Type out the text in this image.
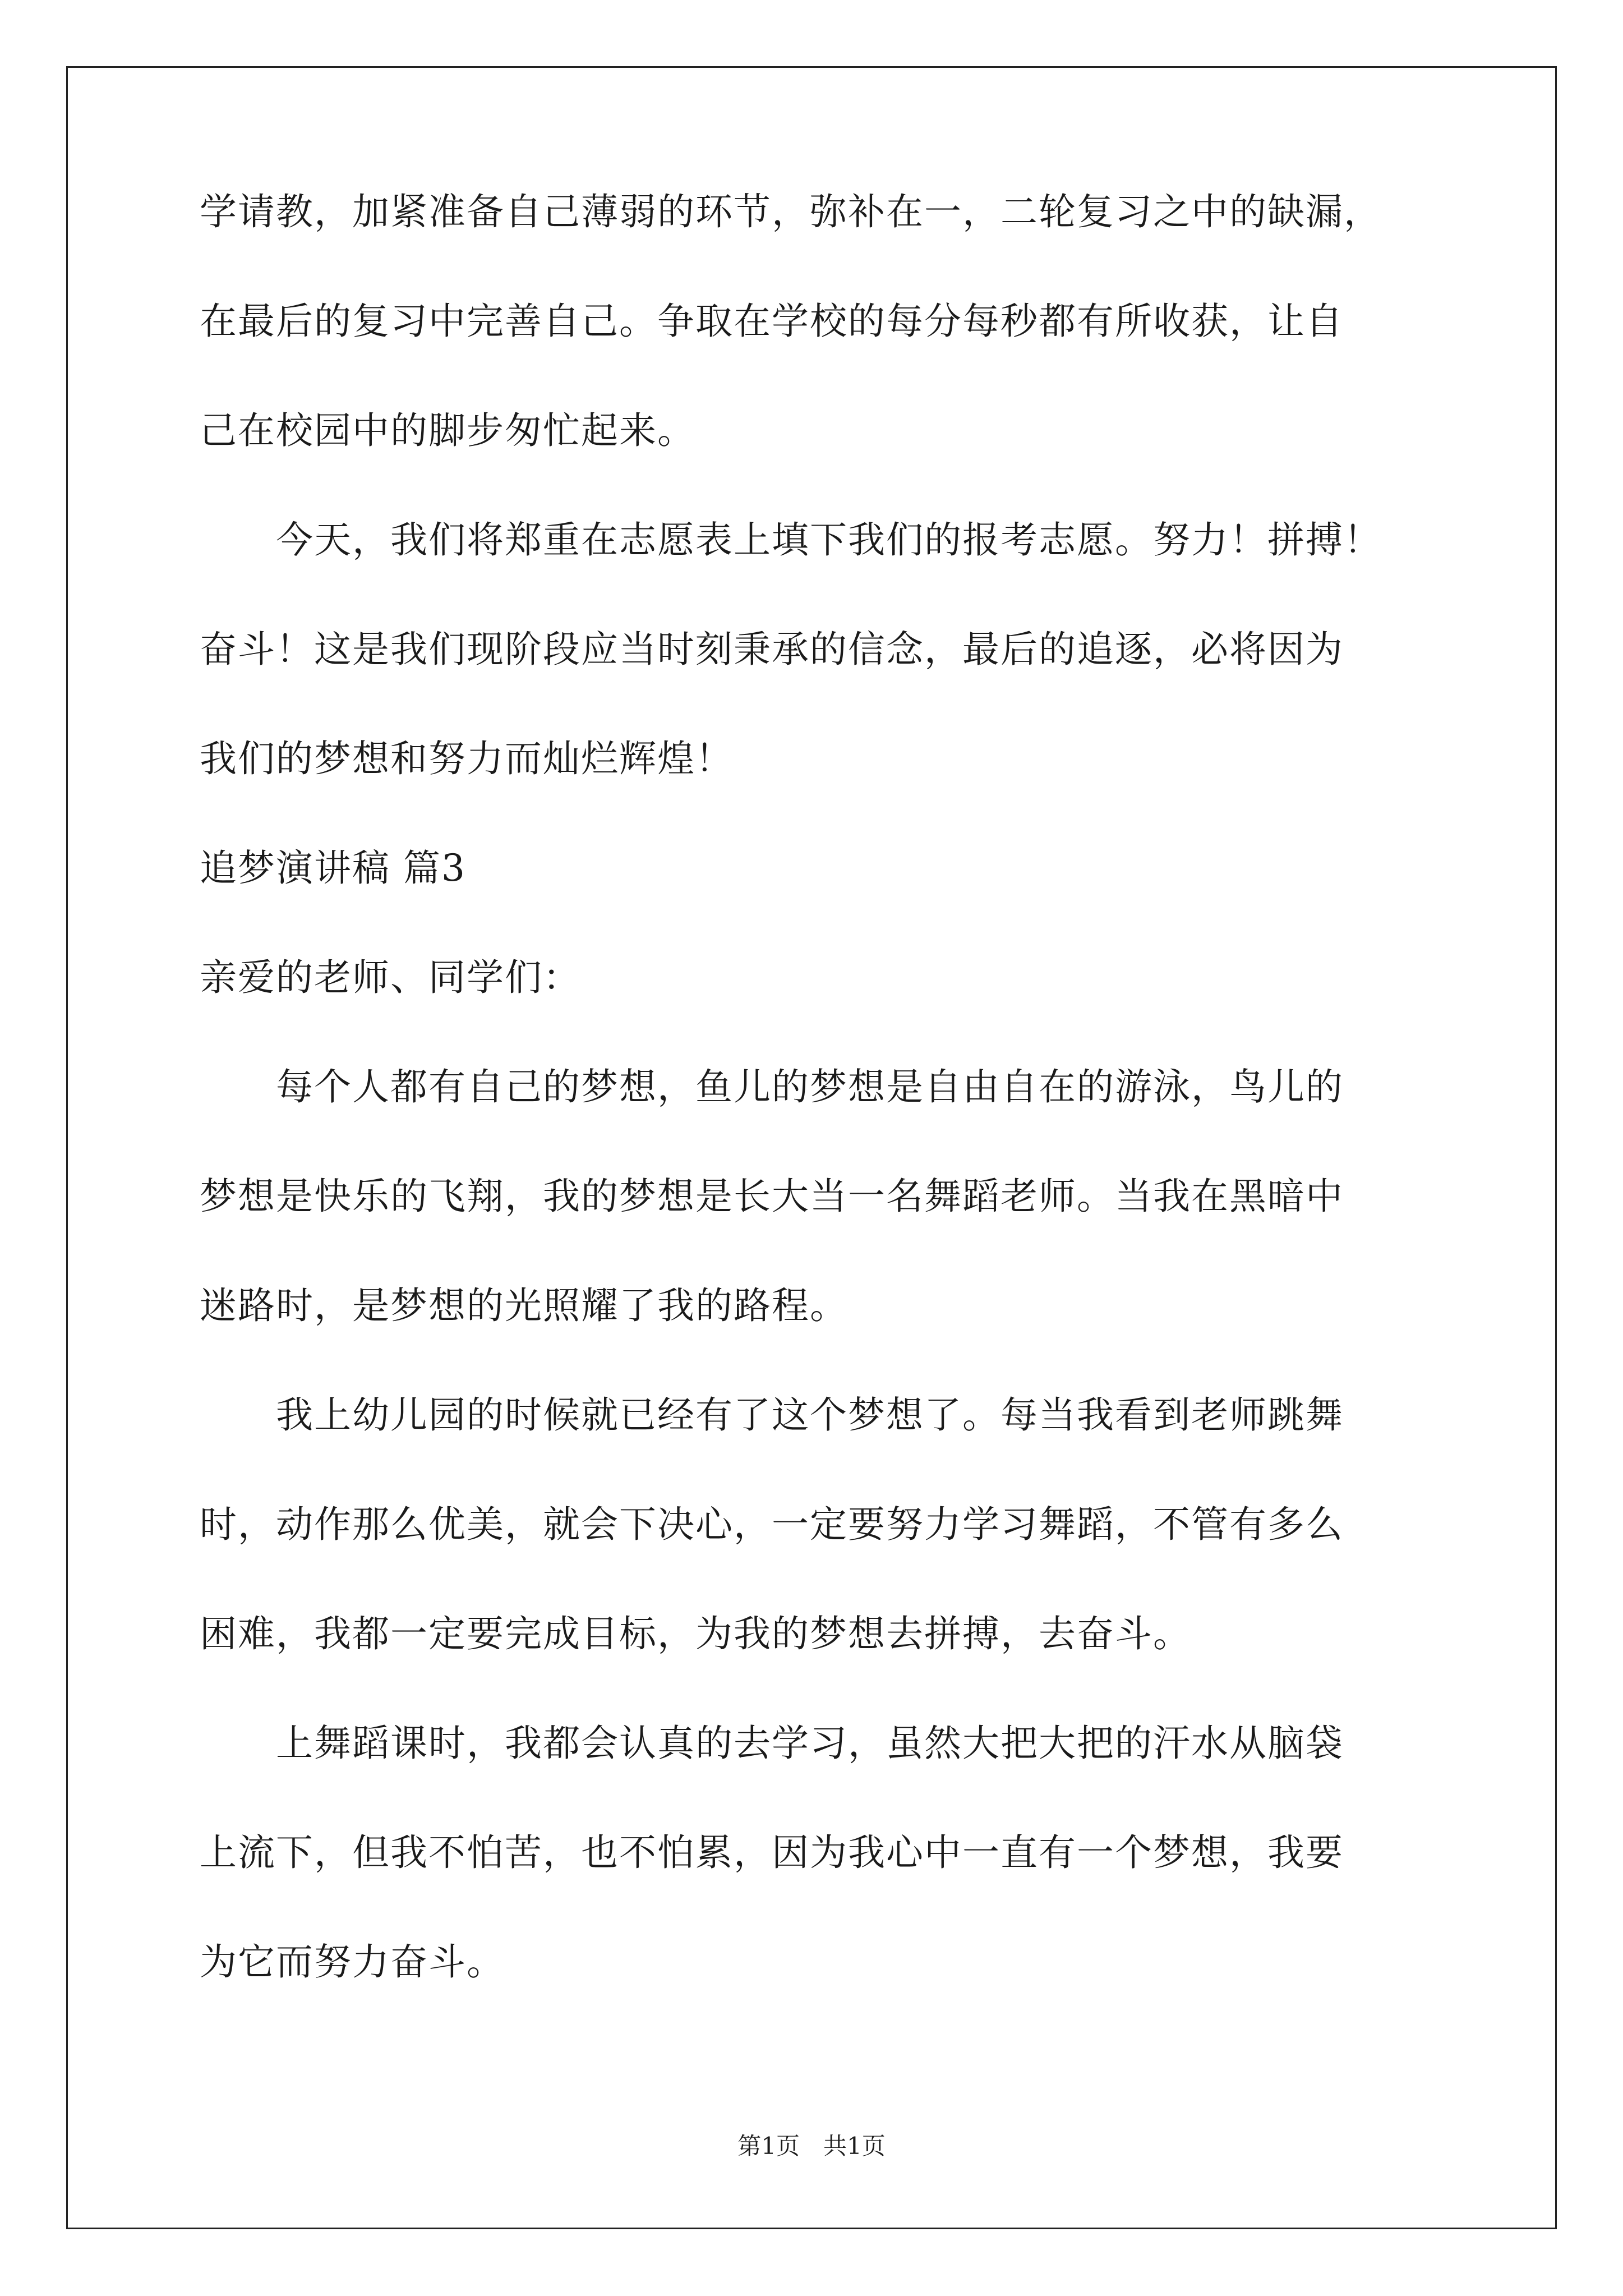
学请教，加紧准备自己薄弱的环节，弥补在一，二轮复习之中的缺漏，

在最后的复习中完善自己。争取在学校的每分每秒都有所收获，让自

己在校园中的脚步匆忙起来。

　　今天，我们将郑重在志愿表上填下我们的报考志愿。努力！拼搏！

奋斗！这是我们现阶段应当时刻秉承的信念，最后的追逐，必将因为

我们的梦想和努力而灿烂辉煌！

追梦演讲稿 篇3

亲爱的老师、同学们：

　　每个人都有自己的梦想，鱼儿的梦想是自由自在的游泳，鸟儿的

梦想是快乐的飞翔，我的梦想是长大当一名舞蹈老师。当我在黑暗中

迷路时，是梦想的光照耀了我的路程。

　　我上幼儿园的时候就已经有了这个梦想了。每当我看到老师跳舞

时，动作那么优美，就会下决心，一定要努力学习舞蹈，不管有多么

困难，我都一定要完成目标，为我的梦想去拼搏，去奋斗。

　　上舞蹈课时，我都会认真的去学习，虽然大把大把的汗水从脑袋

上流下，但我不怕苦，也不怕累，因为我心中一直有一个梦想，我要

为它而努力奋斗。

第1页　共1页
